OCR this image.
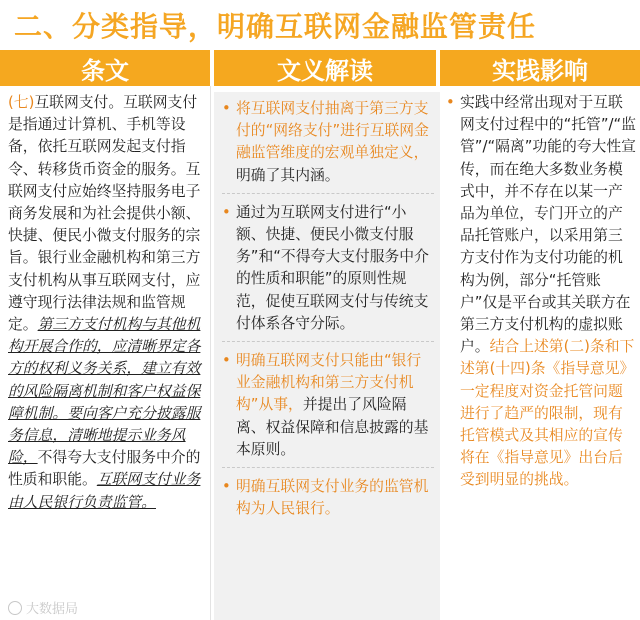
二、分类指导，明确互联网金融监管责任
条文	文义解读	实践影响
(七)互联网支付。互联网支付是指通过计算机、手机等设备，依托互联网发起支付指令、转移货币资金的服务。互联网支付应始终坚持服务电子商务发展和为社会提供小额、快捷、便民小微支付服务的宗旨。银行业金融机构和第三方支付机构从事互联网支付，应遵守现行法律法规和监管规定。第三方支付机构与其他机构开展合作的，应清晰界定各方的权利义务关系，建立有效的风险隔离机制和客户权益保障机制。要向客户充分披露服务信息，清晰地提示业务风险，不得夸大支付服务中介的性质和职能。互联网支付业务由人民银行负责监管。
• 将互联网支付抽离于第三方支付的“网络支付”进行互联网金融监管维度的宏观单独定义，明确了其内涵。
• 通过为互联网支付进行“小额、快捷、便民小微支付服务”和“不得夸大支付服务中介的性质和职能”的原则性规范，促使互联网支付与传统支付体系各守分际。
• 明确互联网支付只能由“银行业金融机构和第三方支付机构”从事，并提出了风险隔离、权益保障和信息披露的基本原则。
• 明确互联网支付业务的监管机构为人民银行。
• 实践中经常出现对于互联网支付过程中的“托管”/“监管”/“隔离”功能的夸大性宣传，而在绝大多数业务模式中，并不存在以某一产品为单位，专门开立的产品托管账户，以采用第三方支付作为支付功能的机构为例，部分“托管账户”仅是平台或其关联方在第三方支付机构的虚拟账户。结合上述第(二)条和下述第(十四)条《指导意见》一定程度对资金托管问题进行了趋严的限制，现有托管模式及其相应的宣传将在《指导意见》出台后受到明显的挑战。
大数据局
